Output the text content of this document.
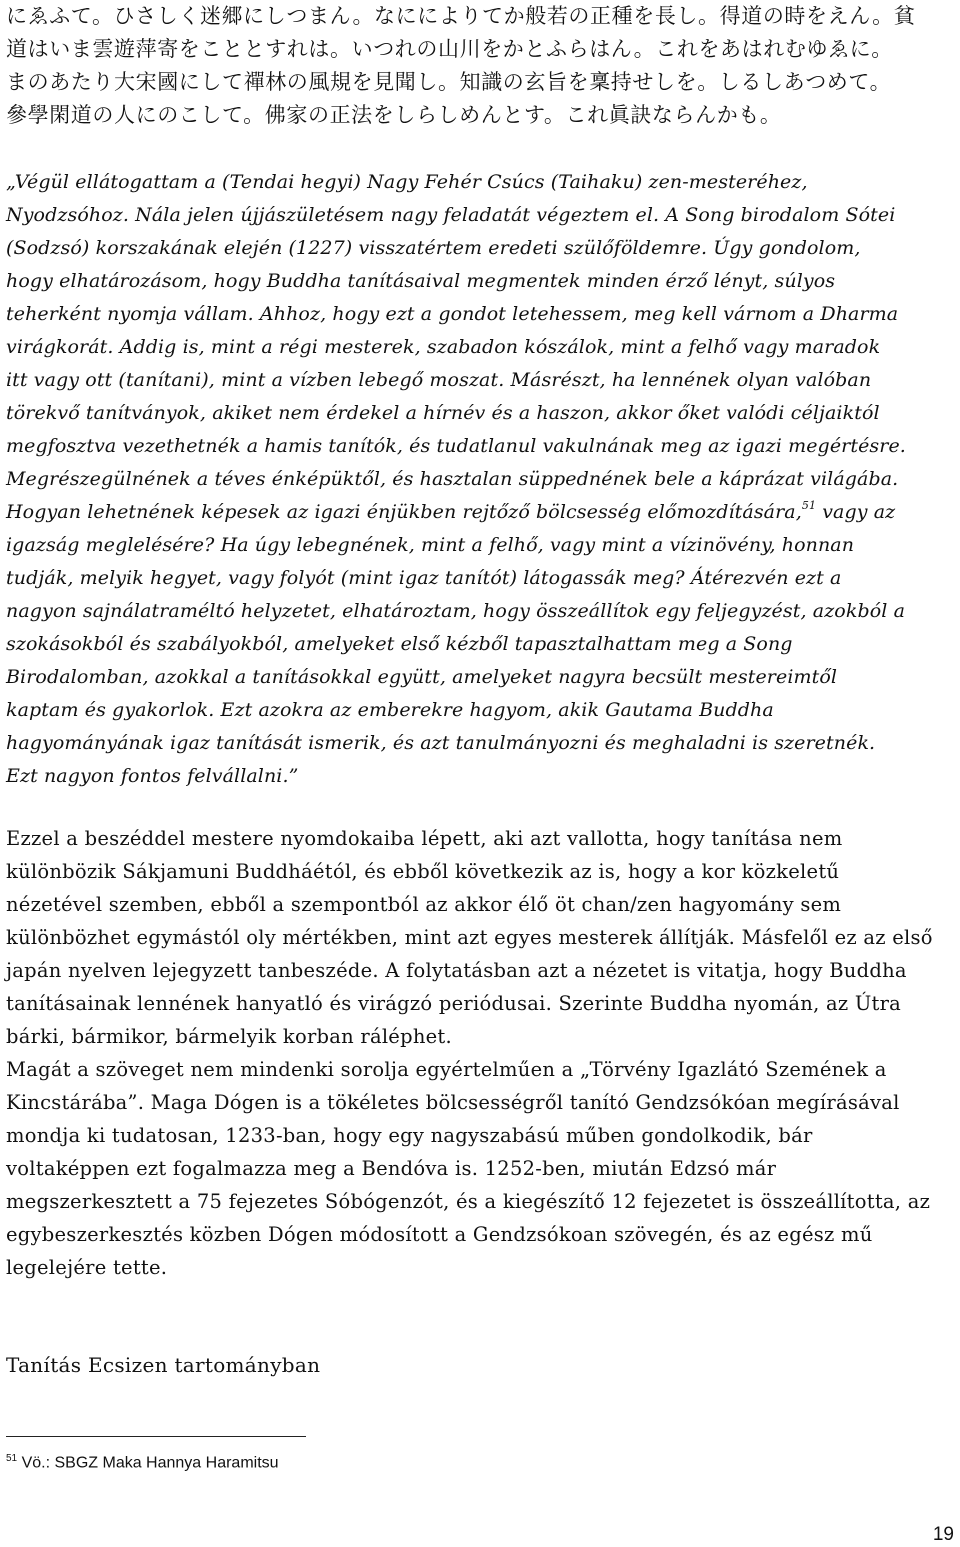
にゑふて。ひさしく迷郷にしつまん。なにによりてか般若の正種を長し。得道の時をえん。貧
道はいま雲遊萍寄をこととすれは。いつれの山川をかとふらはん。これをあはれむゆゑに。
まのあたり大宋國にして禪林の風規を見聞し。知識の玄旨を稟持せしを。しるしあつめて。
參學閑道の人にのこして。佛家の正法をしらしめんとす。これ眞訣ならんかも。
„Végül ellátogattam a (Tendai hegyi) Nagy Fehér Csúcs (Taihaku) zen-mesteréhez,
Nyodzsóhoz. Nála jelen újjászületésem nagy feladatát végeztem el. A Song birodalom Sótei
(Sodzsó) korszakának elején (1227) visszatértem eredeti szülőföldemre. Úgy gondolom,
hogy elhatározásom, hogy Buddha tanításaival megmentek minden érző lényt, súlyos
teherként nyomja vállam. Ahhoz, hogy ezt a gondot letehessem, meg kell várnom a Dharma
virágkorát. Addig is, mint a régi mesterek, szabadon kószálok, mint a felhő vagy maradok
itt vagy ott (tanítani), mint a vízben lebegő moszat. Másrészt, ha lennének olyan valóban
törekvő tanítványok, akiket nem érdekel a hírnév és a haszon, akkor őket valódi céljaiktól
megfosztva vezethetnék a hamis tanítók, és tudatlanul vakulnának meg az igazi megértésre.
Megrészegülnének a téves énképüktől, és hasztalan süppednének bele a káprázat világába.
Hogyan lehetnének képesek az igazi énjükben rejtőző bölcsesség előmozdítására,$^{51}$ vagy az
igazság meglelésére? Ha úgy lebegnének, mint a felhő, vagy mint a vízinövény, honnan
tudják, melyik hegyet, vagy folyót (mint igaz tanítót) látogassák meg? Átérezvén ezt a
nagyon sajnálatraméltó helyzetet, elhatároztam, hogy összeállítok egy feljegyzést, azokból a
szokásokból és szabályokból, amelyeket első kézből tapasztalhattam meg a Song
Birodalomban, azokkal a tanításokkal együtt, amelyeket nagyra becsült mestereimtől
kaptam és gyakorlok. Ezt azokra az emberekre hagyom, akik Gautama Buddha
hagyományának igaz tanítását ismerik, és azt tanulmányozni és meghaladni is szeretnék.
Ezt nagyon fontos felvállalni.”
Ezzel a beszéddel mestere nyomdokaiba lépett, aki azt vallotta, hogy tanítása nem
különbözik Sákjamuni Buddháétól, és ebből következik az is, hogy a kor közkeletű
nézetével szemben, ebből a szempontból az akkor élő öt chan/zen hagyomány sem
különbözhet egymástól oly mértékben, mint azt egyes mesterek állítják. Másfelől ez az első
japán nyelven lejegyzett tanbeszéde. A folytatásban azt a nézetet is vitatja, hogy Buddha
tanításainak lennének hanyatló és virágzó periódusai. Szerinte Buddha nyomán, az Útra
bárki, bármikor, bármelyik korban ráléphet.
Magát a szöveget nem mindenki sorolja egyértelműen a „Törvény Igazlátó Szemének a
Kincstárába”. Maga Dógen is a tökéletes bölcsességről tanító Gendzsókóan megírásával
mondja ki tudatosan, 1233-ban, hogy egy nagyszabású műben gondolkodik, bár
voltaképpen ezt fogalmazza meg a Bendóva is. 1252-ben, miután Edzsó már
megszerkesztett a 75 fejezetes Sóbógenzót, és a kiegészítő 12 fejezetet is összeállította, az
egybeszerkesztés közben Dógen módosított a Gendzsókoan szövegén, és az egész mű
legelejére tette.
Tanítás Ecsizen tartományban
$^{51}$ Vö.: SBGZ Maka Hannya Haramitsu
19
